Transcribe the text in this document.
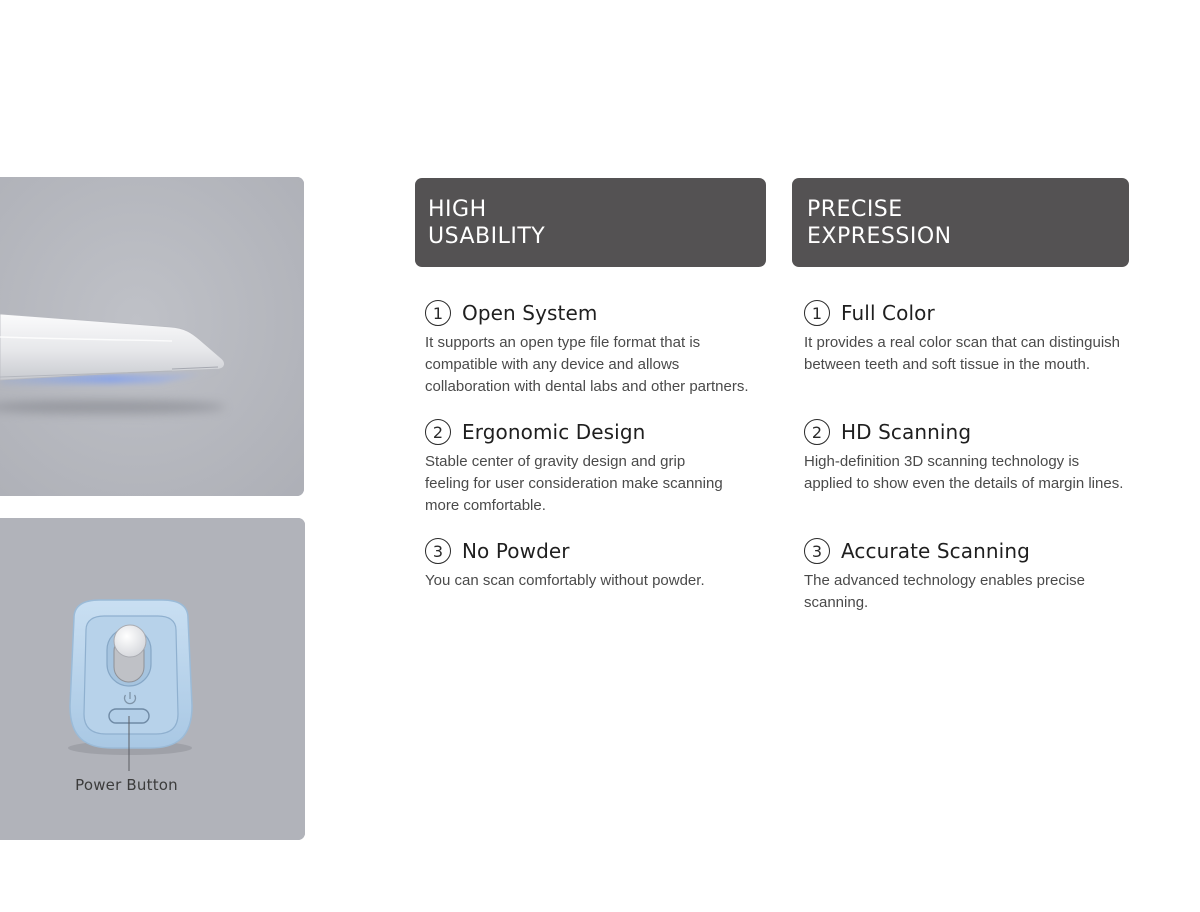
Power Button
HIGH
USABILITY
PRECISE
EXPRESSION
1 Open System
It supports an open type file format that is
compatible with any device and allows
collaboration with dental labs and other partners.
2 Ergonomic Design
Stable center of gravity design and grip
feeling for user consideration make scanning
more comfortable.
3 No Powder
You can scan comfortably without powder.
1 Full Color
It provides a real color scan that can distinguish
between teeth and soft tissue in the mouth.
2 HD Scanning
High-definition 3D scanning technology is
applied to show even the details of margin lines.
3 Accurate Scanning
The advanced technology enables precise
scanning.
